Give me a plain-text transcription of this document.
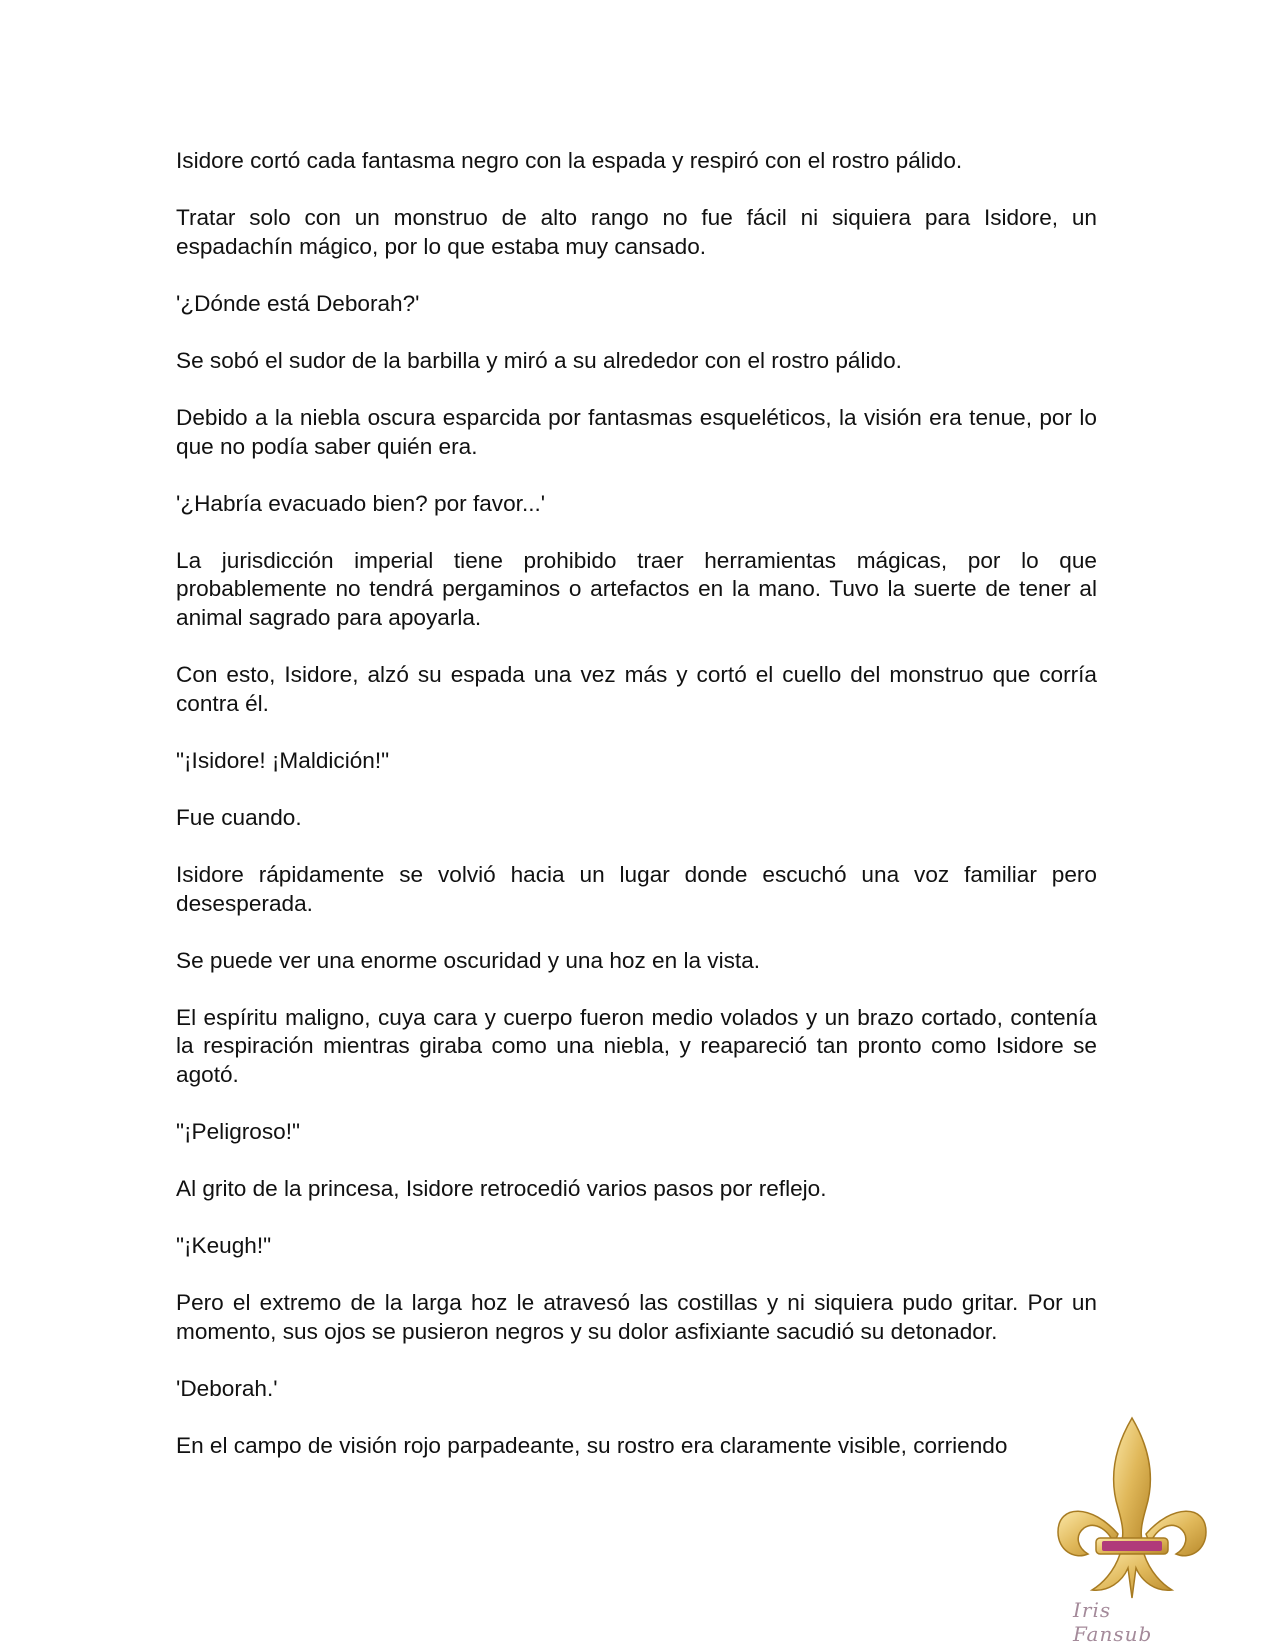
Isidore cortó cada fantasma negro con la espada y respiró con el rostro pálido.

Tratar solo con un monstruo de alto rango no fue fácil ni siquiera para Isidore, un espadachín mágico, por lo que estaba muy cansado.

'¿Dónde está Deborah?'

Se sobó el sudor de la barbilla y miró a su alrededor con el rostro pálido.

Debido a la niebla oscura esparcida por fantasmas esqueléticos, la visión era tenue, por lo que no podía saber quién era.

'¿Habría evacuado bien? por favor...'

La jurisdicción imperial tiene prohibido traer herramientas mágicas, por lo que probablemente no tendrá pergaminos o artefactos en la mano. Tuvo la suerte de tener al animal sagrado para apoyarla.

Con esto, Isidore, alzó su espada una vez más y cortó el cuello del monstruo que corría contra él.

"¡Isidore! ¡Maldición!"

Fue cuando.

Isidore rápidamente se volvió hacia un lugar donde escuchó una voz familiar pero desesperada.

Se puede ver una enorme oscuridad y una hoz en la vista.

El espíritu maligno, cuya cara y cuerpo fueron medio volados y un brazo cortado, contenía la respiración mientras giraba como una niebla, y reapareció tan pronto como Isidore se agotó.

"¡Peligroso!"

Al grito de la princesa, Isidore retrocedió varios pasos por reflejo.

"¡Keugh!"

Pero el extremo de la larga hoz le atravesó las costillas y ni siquiera pudo gritar. Por un momento, sus ojos se pusieron negros y su dolor asfixiante sacudió su detonador.

'Deborah.'

En el campo de visión rojo parpadeante, su rostro era claramente visible, corriendo

Iris Fansub
